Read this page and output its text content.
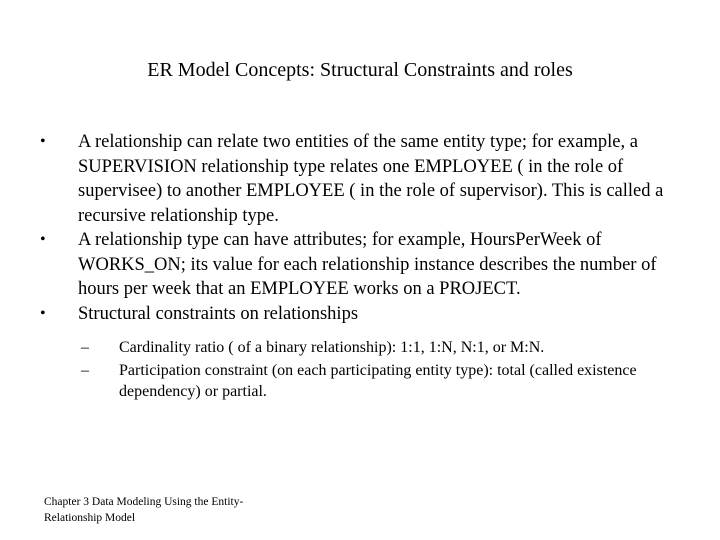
ER Model Concepts: Structural Constraints and roles
• A relationship can relate two entities of the same entity type; for example, a SUPERVISION relationship type relates one EMPLOYEE ( in the role of supervisee) to another EMPLOYEE ( in the role of supervisor). This is called a recursive relationship type.
• A relationship type can have attributes; for example, HoursPerWeek of WORKS_ON; its value for each relationship instance describes the number of hours per week that an EMPLOYEE works on a PROJECT.
• Structural constraints on relationships
– Cardinality ratio ( of a binary relationship): 1:1, 1:N, N:1, or M:N.
– Participation constraint (on each participating entity type): total (called existence dependency) or partial.

Chapter 3 Data Modeling Using the Entity-Relationship Model
